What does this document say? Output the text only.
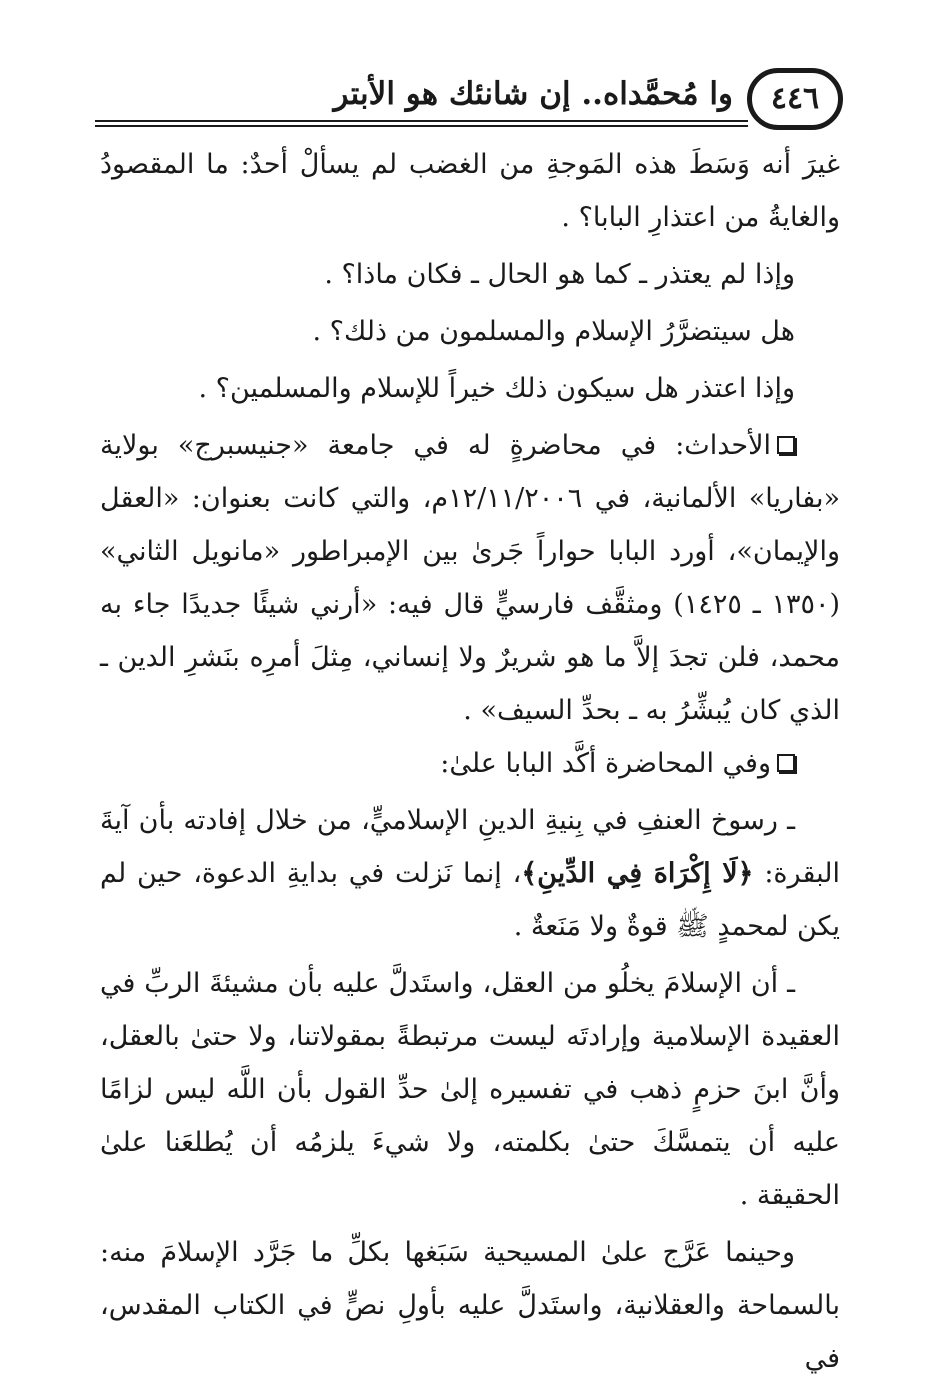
وا مُحمَّداه.. إن شانئك هو الأبتر	٤٤٦

غيرَ أنه وَسَطَ هذه المَوجةِ من الغضب لم يسألْ أحدٌ: ما المقصودُ والغايةُ من اعتذارِ البابا؟ .

وإذا لم يعتذر ـ كما هو الحال ـ فكان ماذا؟ .

هل سيتضرَّرُ الإسلام والمسلمون من ذلك؟ .

وإذا اعتذر هل سيكون ذلك خيراً للإسلام والمسلمين؟ .

الأحداث: في محاضرةٍ له في جامعة «جنيسبرج» بولاية «بفاريا» الألمانية، في ١٢/١١/٢٠٠٦م، والتي كانت بعنوان: «العقل والإيمان»، أورد البابا حواراً جَرىٰ بين الإمبراطور «مانويل الثاني» (١٣٥٠ ـ ١٤٢٥) ومثقَّف فارسيٍّ قال فيه: «أرني شيئًا جديدًا جاء به محمد، فلن تجدَ إلاَّ ما هو شريرٌ ولا إنساني، مِثلَ أمرِه بنَشرِ الدين ـ الذي كان يُبشِّرُ به ـ بحدِّ السيف» .

وفي المحاضرة أكَّد البابا علىٰ:

ـ رسوخ العنفِ في بِنيةِ الدينِ الإسلاميٍّ، من خلال إفادته بأن آيةَ البقرة: ﴿لَا إِكْرَاهَ فِي الدِّينِ﴾، إنما نَزلت في بدايةِ الدعوة، حين لم يكن لمحمدٍ ﷺ قوةٌ ولا مَنَعةٌ .

ـ أن الإسلامَ يخلُو من العقل، واستَدلَّ عليه بأن مشيئةَ الربِّ في العقيدة الإسلامية وإرادتَه ليست مرتبطةً بمقولاتنا، ولا حتىٰ بالعقل، وأنَّ ابنَ حزمٍ ذهب في تفسيره إلىٰ حدِّ القول بأن اللَّه ليس لزامًا عليه أن يتمسَّكَ حتىٰ بكلمته، ولا شيءَ يلزمُه أن يُطلعَنا علىٰ الحقيقة .

وحينما عَرَّج علىٰ المسيحية سَبَغها بكلِّ ما جَرَّد الإسلامَ منه: بالسماحة والعقلانية، واستَدلَّ عليه بأولِ نصٍّ في الكتاب المقدس، في
